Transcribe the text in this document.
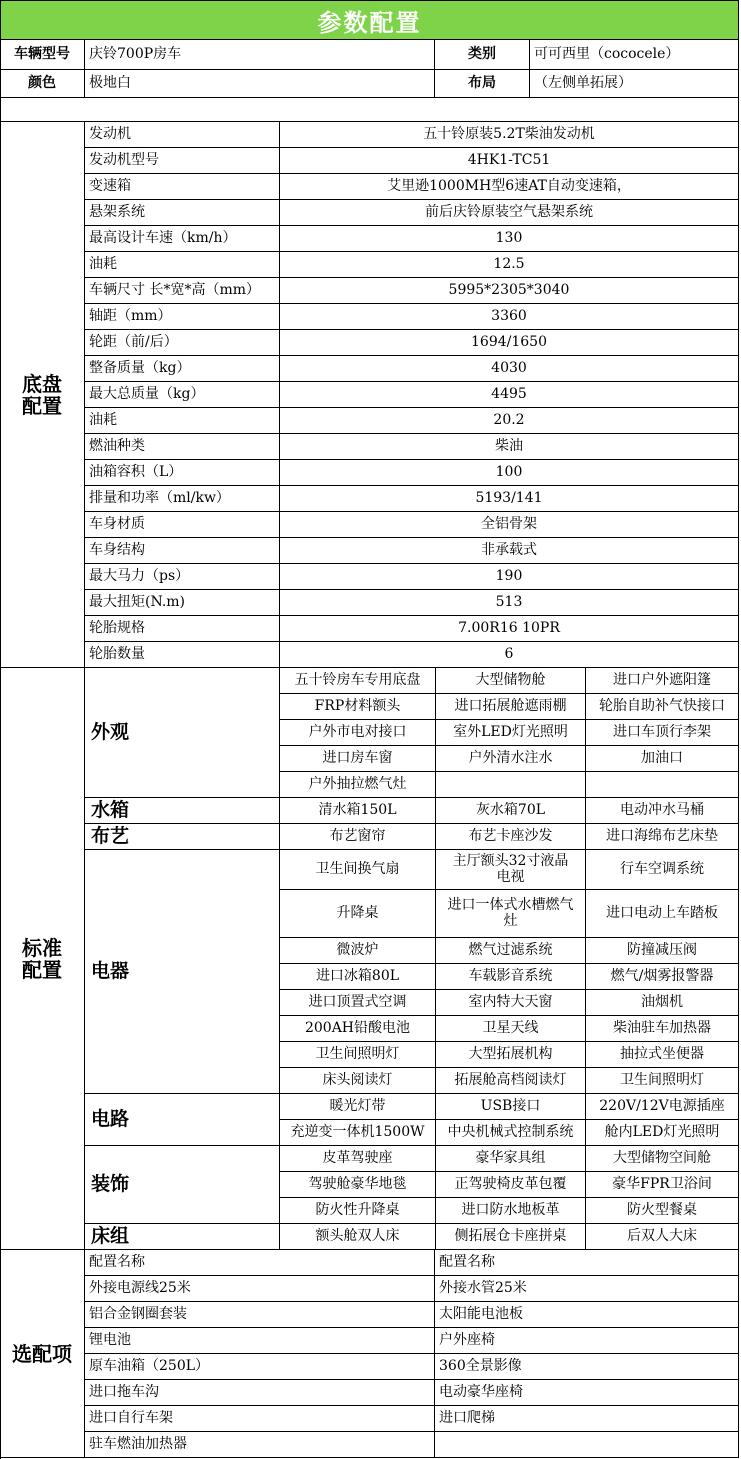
参数配置
车辆型号	庆铃700P房车	类别	可可西里（cococele）
颜色	极地白	布局	（左侧单拓展）
底盘配置
发动机	五十铃原装5.2T柴油发动机
发动机型号	4HK1-TC51
变速箱	艾里逊1000MH型6速AT自动变速箱，
悬架系统	前后庆铃原装空气悬架系统
最高设计车速（km/h）	130
油耗	12.5
车辆尺寸 长*宽*高（mm）	5995*2305*3040
轴距（mm）	3360
轮距（前/后）	1694/1650
整备质量（kg）	4030
最大总质量（kg）	4495
油耗	20.2
燃油种类	柴油
油箱容积（L）	100
排量和功率（ml/kw）	5193/141
车身材质	全铝骨架
车身结构	非承载式
最大马力（ps）	190
最大扭矩(N.m)	513
轮胎规格	7.00R16 10PR
轮胎数量	6
外观
五十铃房车专用底盘	大型储物舱	进口户外遮阳篷
FRP材料额头	进口拓展舱遮雨棚	轮胎自助补气快接口
户外市电对接口	室外LED灯光照明	进口车顶行李架
进口房车窗	户外清水注水	加油口
户外抽拉燃气灶
水箱	清水箱150L	灰水箱70L	电动冲水马桶
布艺	布艺窗帘	布艺卡座沙发	进口海绵布艺床垫
电器
卫生间换气扇	主厅额头32寸液晶电视	行车空调系统
升降桌	进口一体式水槽燃气灶	进口电动上车踏板
微波炉	燃气过滤系统	防撞减压阀
进口冰箱80L	车载影音系统	燃气/烟雾报警器
进口顶置式空调	室内特大天窗	油烟机
200AH铅酸电池	卫星天线	柴油驻车加热器
卫生间照明灯	大型拓展机构	抽拉式坐便器
床头阅读灯	拓展舱高档阅读灯	卫生间照明灯
电路
暖光灯带	USB接口	220V/12V电源插座
充逆变一体机1500W	中央机械式控制系统	舱内LED灯光照明
装饰
皮革驾驶座	豪华家具组	大型储物空间舱
驾驶舱豪华地毯	正驾驶椅皮革包覆	豪华FPR卫浴间
防火性升降桌	进口防水地板革	防火型餐桌
床组	额头舱双人床	侧拓展仓卡座拼桌	后双人大床
标准配置
选配项
配置名称	配置名称
外接电源线25米	外接水管25米
铝合金钢圈套装	太阳能电池板
锂电池	户外座椅
原车油箱（250L）	360全景影像
进口拖车沟	电动豪华座椅
进口自行车架	进口爬梯
驻车燃油加热器
